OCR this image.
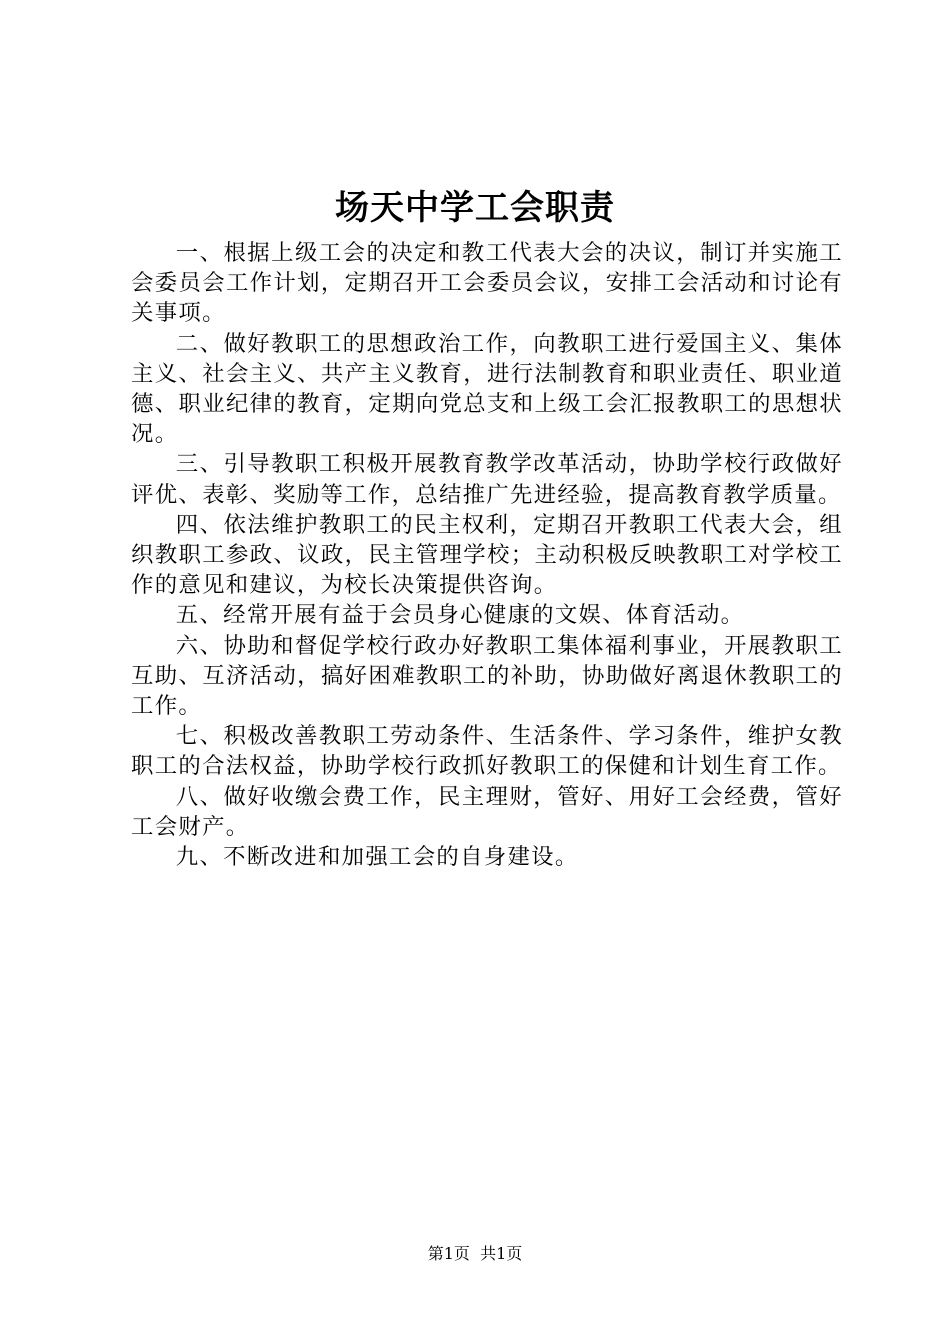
场天中学工会职责

一、根据上级工会的决定和教工代表大会的决议，制订并实施工会委员会工作计划，定期召开工会委员会议，安排工会活动和讨论有关事项。

二、做好教职工的思想政治工作，向教职工进行爱国主义、集体主义、社会主义、共产主义教育，进行法制教育和职业责任、职业道德、职业纪律的教育，定期向党总支和上级工会汇报教职工的思想状况。

三、引导教职工积极开展教育教学改革活动，协助学校行政做好评优、表彰、奖励等工作，总结推广先进经验，提高教育教学质量。

四、依法维护教职工的民主权利，定期召开教职工代表大会，组织教职工参政、议政，民主管理学校；主动积极反映教职工对学校工作的意见和建议，为校长决策提供咨询。

五、经常开展有益于会员身心健康的文娱、体育活动。

六、协助和督促学校行政办好教职工集体福利事业，开展教职工互助、互济活动，搞好困难教职工的补助，协助做好离退休教职工的工作。

七、积极改善教职工劳动条件、生活条件、学习条件，维护女教职工的合法权益，协助学校行政抓好教职工的保健和计划生育工作。

八、做好收缴会费工作，民主理财，管好、用好工会经费，管好工会财产。

九、不断改进和加强工会的自身建设。

第1页 共1页
